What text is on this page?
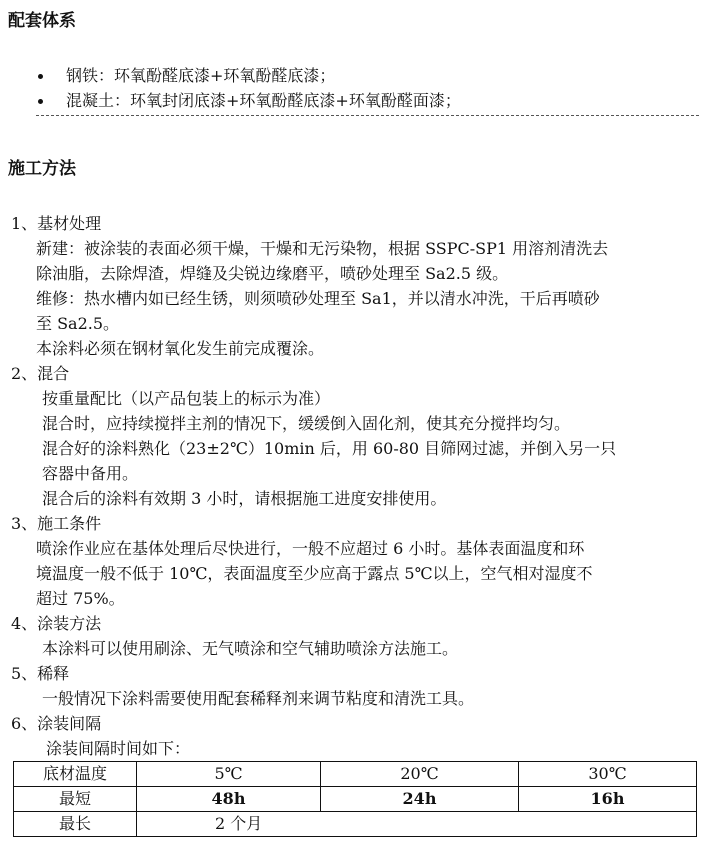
配套体系
钢铁：环氧酚醛底漆+环氧酚醛底漆；
混凝土：环氧封闭底漆+环氧酚醛底漆+环氧酚醛面漆；
施工方法
1、基材处理
新建：被涂装的表面必须干燥，干燥和无污染物，根据 SSPC-SP1 用溶剂清洗去
除油脂，去除焊渣，焊缝及尖锐边缘磨平，喷砂处理至 Sa2.5 级。
维修：热水槽内如已经生锈，则须喷砂处理至 Sa1，并以清水冲洗，干后再喷砂
至 Sa2.5。
本涂料必须在钢材氧化发生前完成覆涂。
2、混合
按重量配比（以产品包装上的标示为准）
混合时，应持续搅拌主剂的情况下，缓缓倒入固化剂，使其充分搅拌均匀。
混合好的涂料熟化（23±2℃）10min 后，用 60-80 目筛网过滤，并倒入另一只
容器中备用。
混合后的涂料有效期 3 小时，请根据施工进度安排使用。
3、施工条件
喷涂作业应在基体处理后尽快进行，一般不应超过 6 小时。基体表面温度和环
境温度一般不低于 10℃，表面温度至少应高于露点 5℃以上，空气相对湿度不
超过 75%。
4、涂装方法
本涂料可以使用刷涂、无气喷涂和空气辅助喷涂方法施工。
5、稀释
一般情况下涂料需要使用配套稀释剂来调节粘度和清洗工具。
6、涂装间隔
涂装间隔时间如下：
底材温度	5℃	20℃	30℃
最短	48h	24h	16h
最长	2 个月		
